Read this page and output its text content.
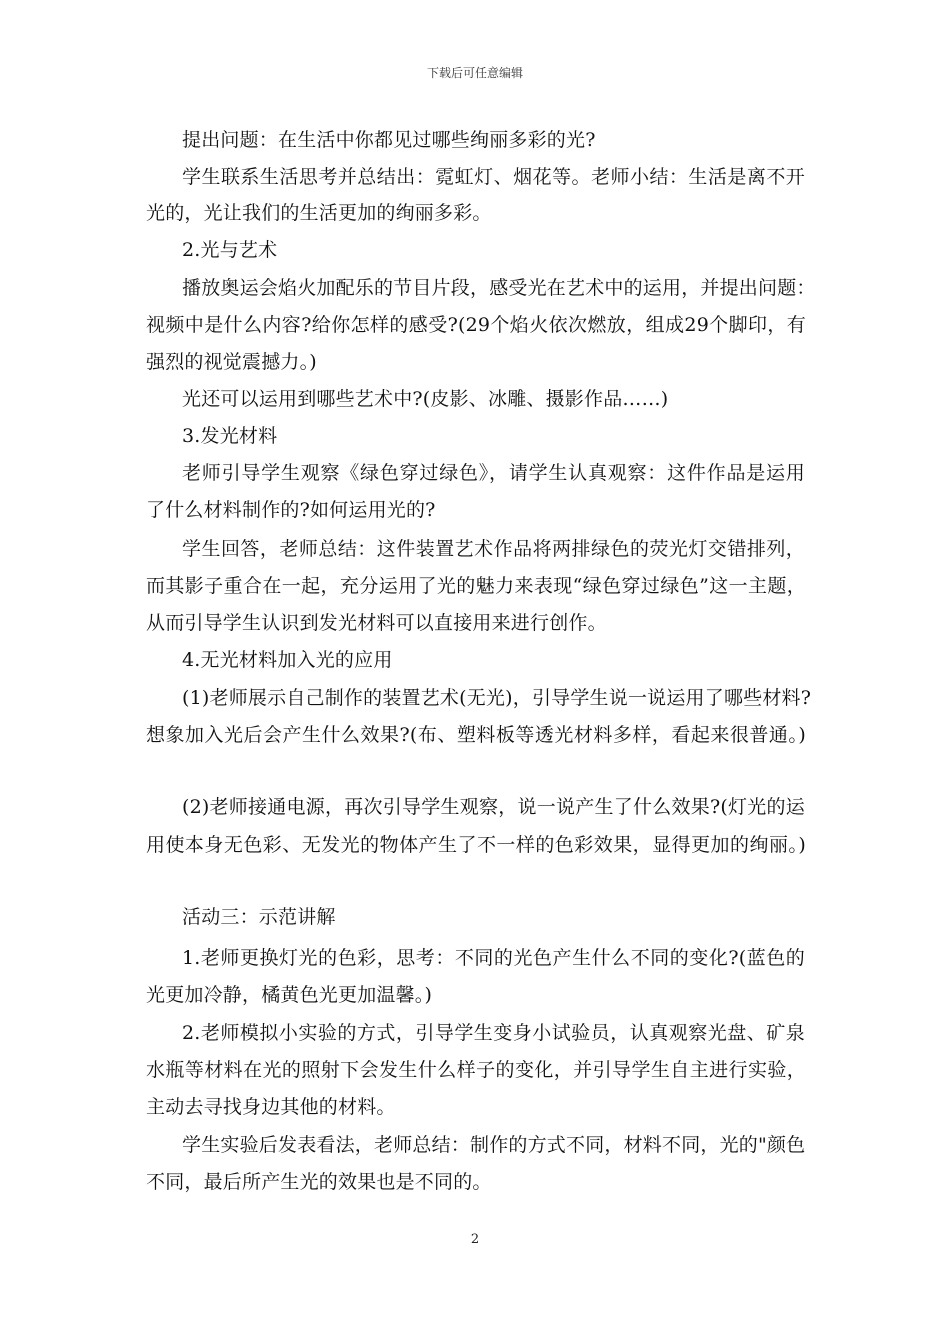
下载后可任意编辑
提出问题：在生活中你都见过哪些绚丽多彩的光?
学生联系生活思考并总结出：霓虹灯、烟花等。老师小结：生活是离不开
光的，光让我们的生活更加的绚丽多彩。
2.光与艺术
播放奥运会焰火加配乐的节目片段，感受光在艺术中的运用，并提出问题：
视频中是什么内容?给你怎样的感受?(29个焰火依次燃放，组成29个脚印，有
强烈的视觉震撼力。)
光还可以运用到哪些艺术中?(皮影、冰雕、摄影作品……)
3.发光材料
老师引导学生观察《绿色穿过绿色》，请学生认真观察：这件作品是运用
了什么材料制作的?如何运用光的?
学生回答，老师总结：这件装置艺术作品将两排绿色的荧光灯交错排列，
而其影子重合在一起，充分运用了光的魅力来表现“绿色穿过绿色”这一主题，
从而引导学生认识到发光材料可以直接用来进行创作。
4.无光材料加入光的应用
(1)老师展示自己制作的装置艺术(无光)，引导学生说一说运用了哪些材料?
想象加入光后会产生什么效果?(布、塑料板等透光材料多样，看起来很普通。)
(2)老师接通电源，再次引导学生观察，说一说产生了什么效果?(灯光的运
用使本身无色彩、无发光的物体产生了不一样的色彩效果，显得更加的绚丽。)
活动三：示范讲解
1.老师更换灯光的色彩，思考：不同的光色产生什么不同的变化?(蓝色的
光更加冷静，橘黄色光更加温馨。)
2.老师模拟小实验的方式，引导学生变身小试验员，认真观察光盘、矿泉
水瓶等材料在光的照射下会发生什么样子的变化，并引导学生自主进行实验，
主动去寻找身边其他的材料。
学生实验后发表看法，老师总结：制作的方式不同，材料不同，光的"颜色
不同，最后所产生光的效果也是不同的。
2
